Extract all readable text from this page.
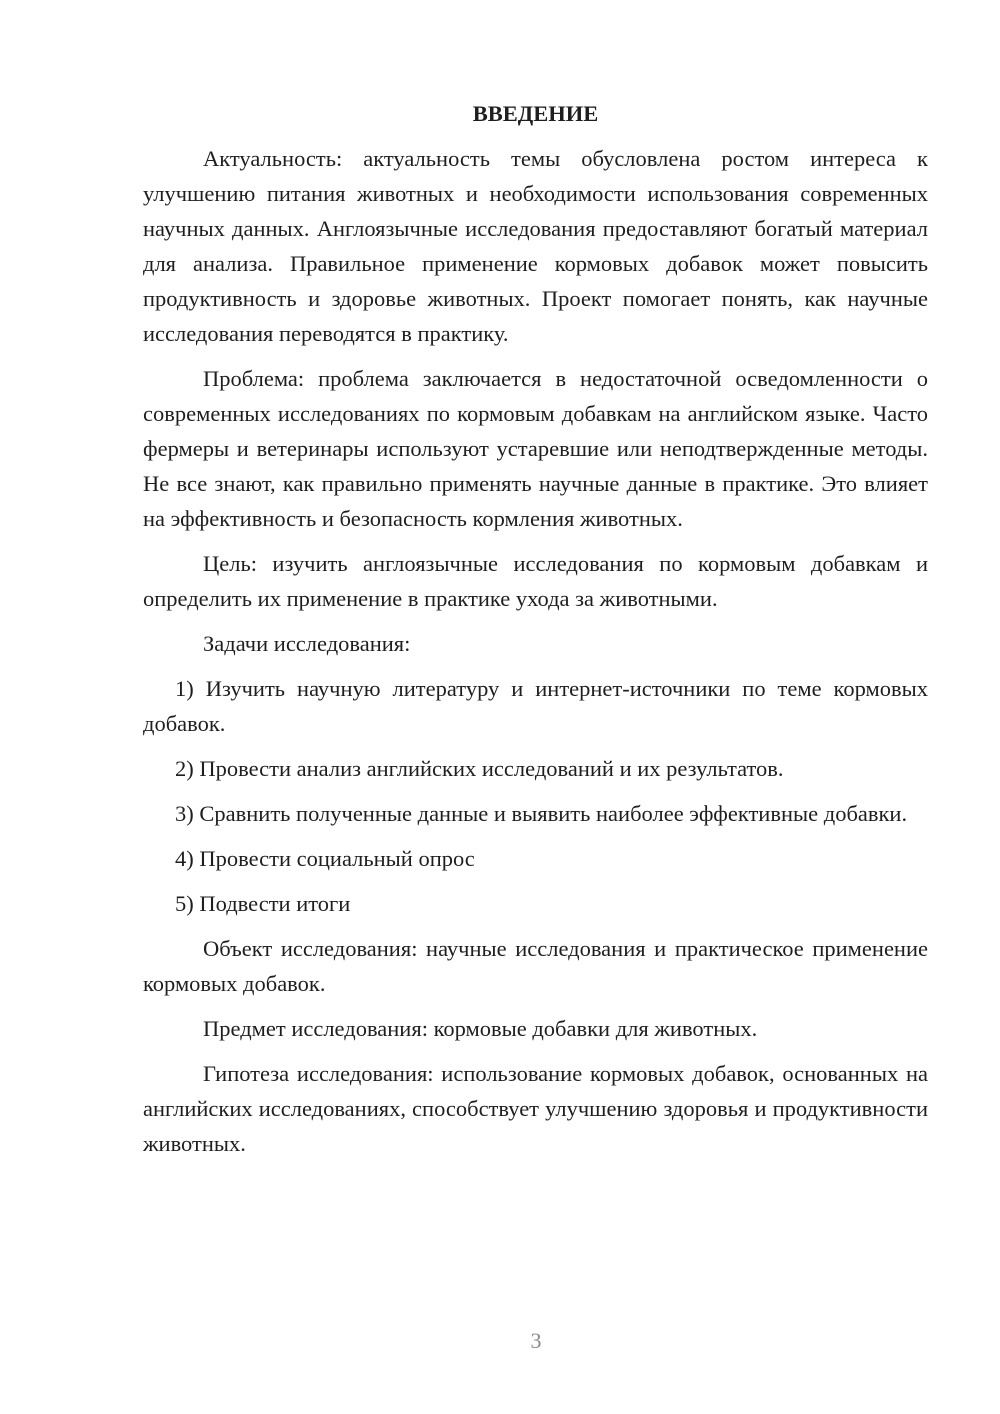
ВВЕДЕНИЕ
Актуальность: актуальность темы обусловлена ростом интереса к улучшению питания животных и необходимости использования современных научных данных. Англоязычные исследования предоставляют богатый материал для анализа. Правильное применение кормовых добавок может повысить продуктивность и здоровье животных. Проект помогает понять, как научные исследования переводятся в практику.
Проблема: проблема заключается в недостаточной осведомленности о современных исследованиях по кормовым добавкам на английском языке. Часто фермеры и ветеринары используют устаревшие или неподтвержденные методы. Не все знают, как правильно применять научные данные в практике. Это влияет на эффективность и безопасность кормления животных.
Цель: изучить англоязычные исследования по кормовым добавкам и определить их применение в практике ухода за животными.
Задачи исследования:
1) Изучить научную литературу и интернет-источники по теме кормовых добавок.
2) Провести анализ английских исследований и их результатов.
3) Сравнить полученные данные и выявить наиболее эффективные добавки.
4) Провести социальный опрос
5) Подвести итоги
Объект исследования: научные исследования и практическое применение кормовых добавок.
Предмет исследования: кормовые добавки для животных.
Гипотеза исследования: использование кормовых добавок, основанных на английских исследованиях, способствует улучшению здоровья и продуктивности животных.
3
